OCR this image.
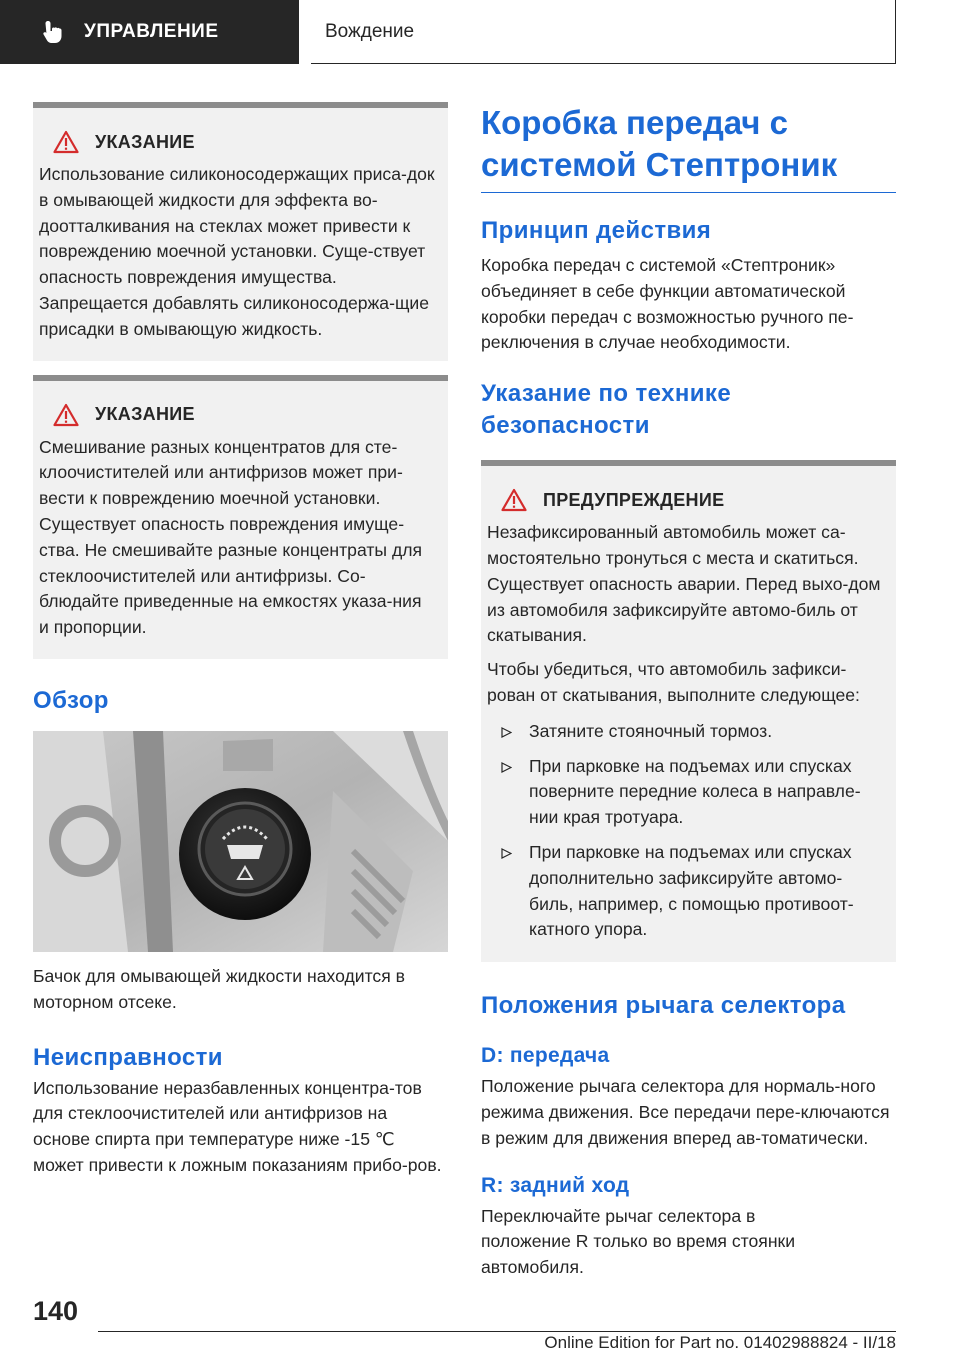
УПРАВЛЕНИЕ	Вождение
УКАЗАНИЕ
Использование силиконосодержащих приса-док в омывающей жидкости для эффекта во-доотталкивания на стеклах может привести к повреждению моечной установки. Суще-ствует опасность повреждения имущества. Запрещается добавлять силиконосодержа-щие присадки в омывающую жидкость.
УКАЗАНИЕ
Смешивание разных концентратов для сте-клоочистителей или антифризов может при-вести к повреждению моечной установки. Существует опасность повреждения имуще-ства. Не смешивайте разные концентраты для стеклоочистителей или антифризы. Со-блюдайте приведенные на емкостях указа-ния и пропорции.
Обзор
Бачок для омывающей жидкости находится в моторном отсеке.
Неисправности
Использование неразбавленных концентра-тов для стеклоочистителей или антифризов на основе спирта при температуре ниже -15 ℃ может привести к ложным показаниям прибо-ров.
Коробка передач с системой Стептроник
Принцип действия
Коробка передач с системой «Стептроник» объединяет в себе функции автоматической коробки передач с возможностью ручного пе-реключения в случае необходимости.
Указание по технике безопасности
ПРЕДУПРЕЖДЕНИЕ
Незафиксированный автомобиль может са-мостоятельно тронуться с места и скатиться. Существует опасность аварии. Перед выхо-дом из автомобиля зафиксируйте автомо-биль от скатывания.
Чтобы убедиться, что автомобиль зафикси-рован от скатывания, выполните следующее:
Затяните стояночный тормоз.
При парковке на подъемах или спусках поверните передние колеса в направле-нии края тротуара.
При парковке на подъемах или спусках дополнительно зафиксируйте автомо-биль, например, с помощью противоот-катного упора.
Положения рычага селектора
D: передача
Положение рычага селектора для нормаль-ного режима движения. Все передачи пере-ключаются в режим для движения вперед ав-томатически.
R: задний ход
Переключайте рычаг селектора в положение R только во время стоянки автомобиля.
140
Online Edition for Part no. 01402988824 - II/18
